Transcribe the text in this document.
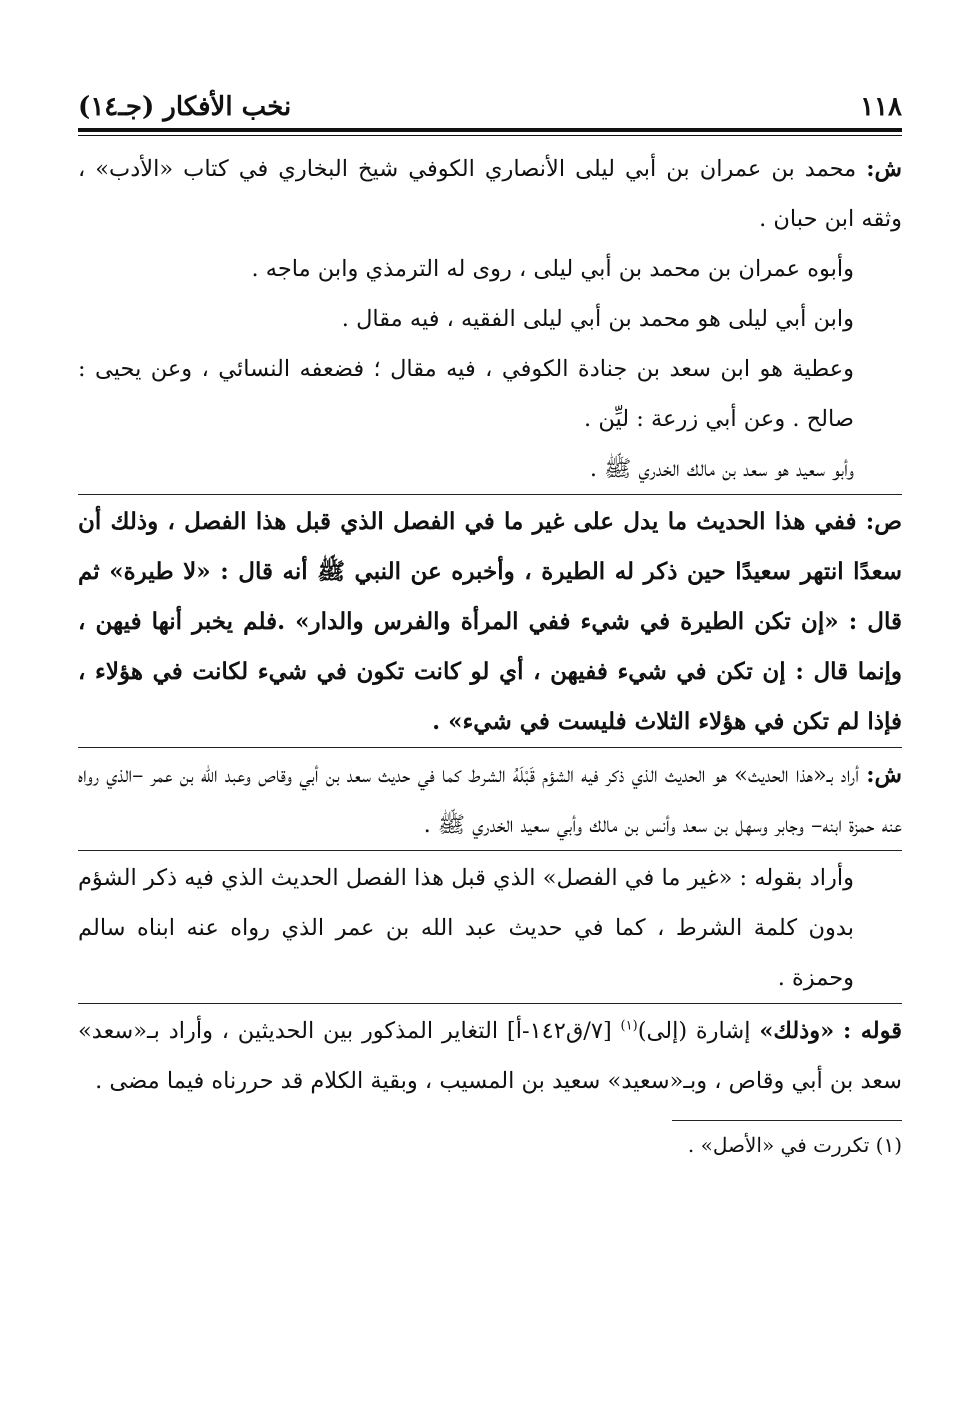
١١٨
نخب الأفكار (جـ١٤)

ش: محمد بن عمران بن أبي ليلى الأنصاري الكوفي شيخ البخاري في كتاب «الأدب» ، وثقه ابن حبان .

وأبوه عمران بن محمد بن أبي ليلى ، روى له الترمذي وابن ماجه .

وابن أبي ليلى هو محمد بن أبي ليلى الفقيه ، فيه مقال .

وعطية هو ابن سعد بن جنادة الكوفي ، فيه مقال ؛ فضعفه النسائي ، وعن يحيى : صالح . وعن أبي زرعة : ليِّن .

وأبو سعيد هو سعد بن مالك الخدري ﷺ .

ص: ففي هذا الحديث ما يدل على غير ما في الفصل الذي قبل هذا الفصل ، وذلك أن سعدًا انتهر سعيدًا حين ذكر له الطيرة ، وأخبره عن النبي ﷺ أنه قال : «لا طيرة» ثم قال : «إن تكن الطيرة في شيء ففي المرأة والفرس والدار» .فلم يخبر أنها فيهن ، وإنما قال : إن تكن في شيء ففيهن ، أي لو كانت تكون في شيء لكانت في هؤلاء ، فإذا لم تكن في هؤلاء الثلاث فليست في شيء» .

ش: أراد بـ«هذا الحديث» هو الحديث الذي ذكر فيه الشؤم قَبْلَهُ الشرط كما في حديث سعد بن أبي وقاص وعبد الله بن عمر –الذي رواه عنه حمزة ابنه– وجابر وسهل بن سعد وأنس بن مالك وأبي سعيد الخدري ﷺ .

وأراد بقوله : «غير ما في الفصل» الذي قبل هذا الفصل الحديث الذي فيه ذكر الشؤم بدون كلمة الشرط ، كما في حديث عبد الله بن عمر الذي رواه عنه ابناه سالم وحمزة .

قوله : «وذلك» إشارة (إلى)$^{(١)}$ [٧/ق١٤٢-أ] التغاير المذكور بين الحديثين ، وأراد بـ«سعد» سعد بن أبي وقاص ، وبـ«سعيد» سعيد بن المسيب ، وبقية الكلام قد حررناه فيما مضى .

(١) تكررت في «الأصل» .
